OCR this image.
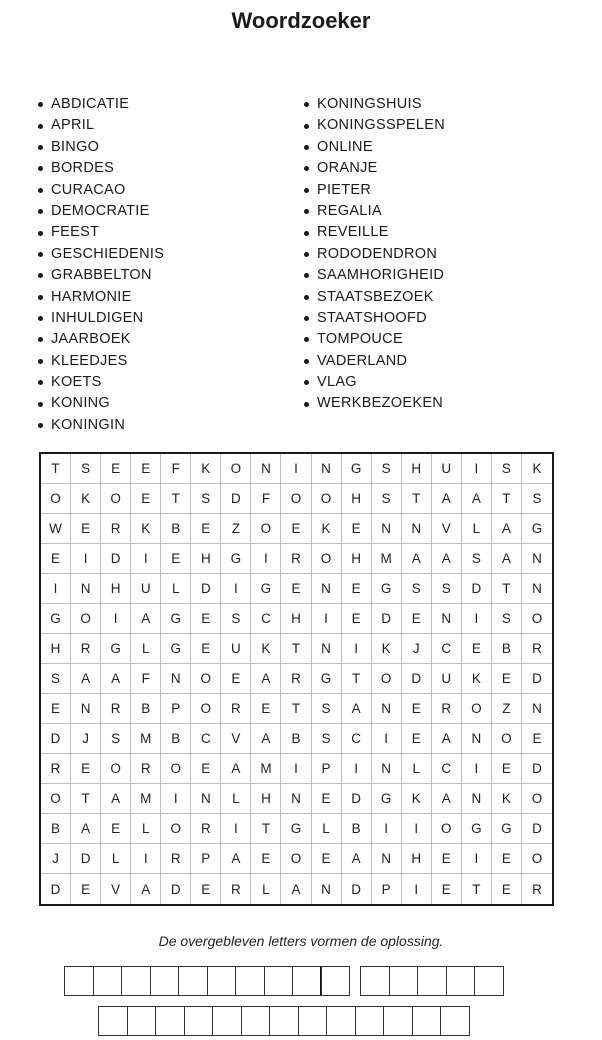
Woordzoeker
ABDICATIE
APRIL
BINGO
BORDES
CURACAO
DEMOCRATIE
FEEST
GESCHIEDENIS
GRABBELTON
HARMONIE
INHULDIGEN
JAARBOEK
KLEEDJES
KOETS
KONING
KONINGIN
KONINGSHUIS
KONINGSSPELEN
ONLINE
ORANJE
PIETER
REGALIA
REVEILLE
RODODENDRON
SAAMHORIGHEID
STAATSBEZOEK
STAATSHOOFD
TOMPOUCE
VADERLAND
VLAG
WERKBEZOEKEN
T	S	E	E	F	K	O	N	I	N	G	S	H	U	I	S	K
O	K	O	E	T	S	D	F	O	O	H	S	T	A	A	T	S
W	E	R	K	B	E	Z	O	E	K	E	N	N	V	L	A	G
E	I	D	I	E	H	G	I	R	O	H	M	A	A	S	A	N
I	N	H	U	L	D	I	G	E	N	E	G	S	S	D	T	N
G	O	I	A	G	E	S	C	H	I	E	D	E	N	I	S	O
H	R	G	L	G	E	U	K	T	N	I	K	J	C	E	B	R
S	A	A	F	N	O	E	A	R	G	T	O	D	U	K	E	D
E	N	R	B	P	O	R	E	T	S	A	N	E	R	O	Z	N
D	J	S	M	B	C	V	A	B	S	C	I	E	A	N	O	E
R	E	O	R	O	E	A	M	I	P	I	N	L	C	I	E	D
O	T	A	M	I	N	L	H	N	E	D	G	K	A	N	K	O
B	A	E	L	O	R	I	T	G	L	B	I	I	O	G	G	D
J	D	L	I	R	P	A	E	O	E	A	N	H	E	I	E	O
D	E	V	A	D	E	R	L	A	N	D	P	I	E	T	E	R
De overgebleven letters vormen de oplossing.
